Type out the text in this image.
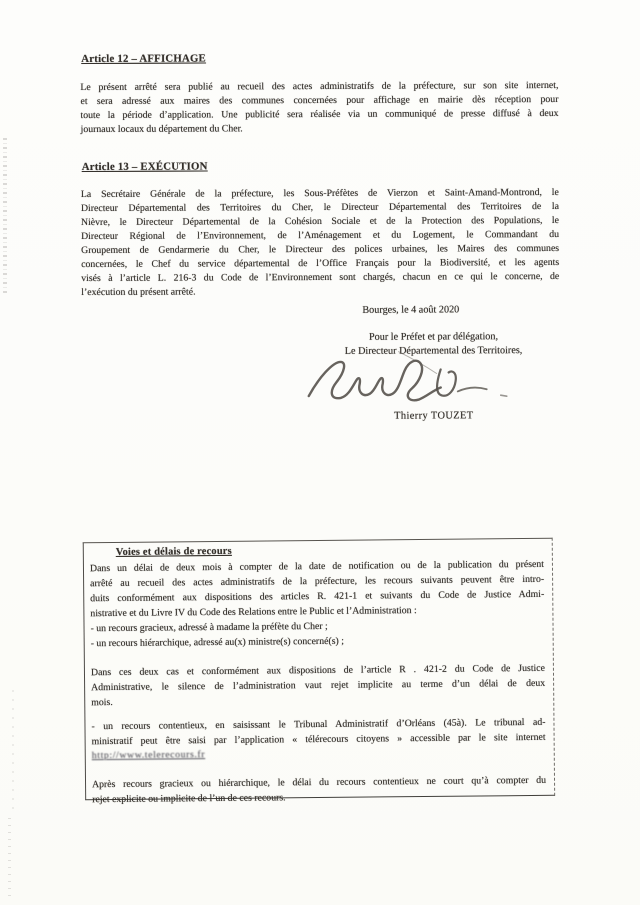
Article 12 – AFFICHAGE
Le présent arrêté sera publié au recueil des actes administratifs de la préfecture, sur son site internet,
et sera adressé aux maires des communes concernées pour affichage en mairie dès réception pour
toute la période d’application. Une publicité sera réalisée via un communiqué de presse diffusé à deux
journaux locaux du département du Cher.
Article 13 – EXÉCUTION
La Secrétaire Générale de la préfecture, les Sous-Préfètes de Vierzon et Saint-Amand-Montrond, le
Directeur Départemental des Territoires du Cher, le Directeur Départemental des Territoires de la
Nièvre, le Directeur Départemental de la Cohésion Sociale et de la Protection des Populations, le
Directeur Régional de l’Environnement, de l’Aménagement et du Logement, le Commandant du
Groupement de Gendarmerie du Cher, le Directeur des polices urbaines, les Maires des communes
concernées, le Chef du service départemental de l’Office Français pour la Biodiversité, et les agents
visés à l’article L. 216-3 du Code de l’Environnement sont chargés, chacun en ce qui le concerne, de
l’exécution du présent arrêté.
Bourges, le 4 août 2020
Pour le Préfet et par délégation,
Le Directeur Départemental des Territoires,
Thierry TOUZET
Voies et délais de recours
Dans un délai de deux mois à compter de la date de notification ou de la publication du présent
arrêté au recueil des actes administratifs de la préfecture, les recours suivants peuvent être intro-
duits conformément aux dispositions des articles R. 421-1 et suivants du Code de Justice Admi-
nistrative et du Livre IV du Code des Relations entre le Public et l’Administration :
- un recours gracieux, adressé à madame la préfète du Cher ;
- un recours hiérarchique, adressé au(x) ministre(s) concerné(s) ;
Dans ces deux cas et conformément aux dispositions de l’article R . 421-2 du Code de Justice
Administrative, le silence de l’administration vaut rejet implicite au terme d’un délai de deux
mois.
- un recours contentieux, en saisissant le Tribunal Administratif d’Orléans (45à). Le tribunal ad-
ministratif peut être saisi par l’application « télérecours citoyens » accessible par le site internet
http://www.telerecours.fr
Après recours gracieux ou hiérarchique, le délai du recours contentieux ne court qu’à compter du
rejet explicite ou implicite de l’un de ces recours.
